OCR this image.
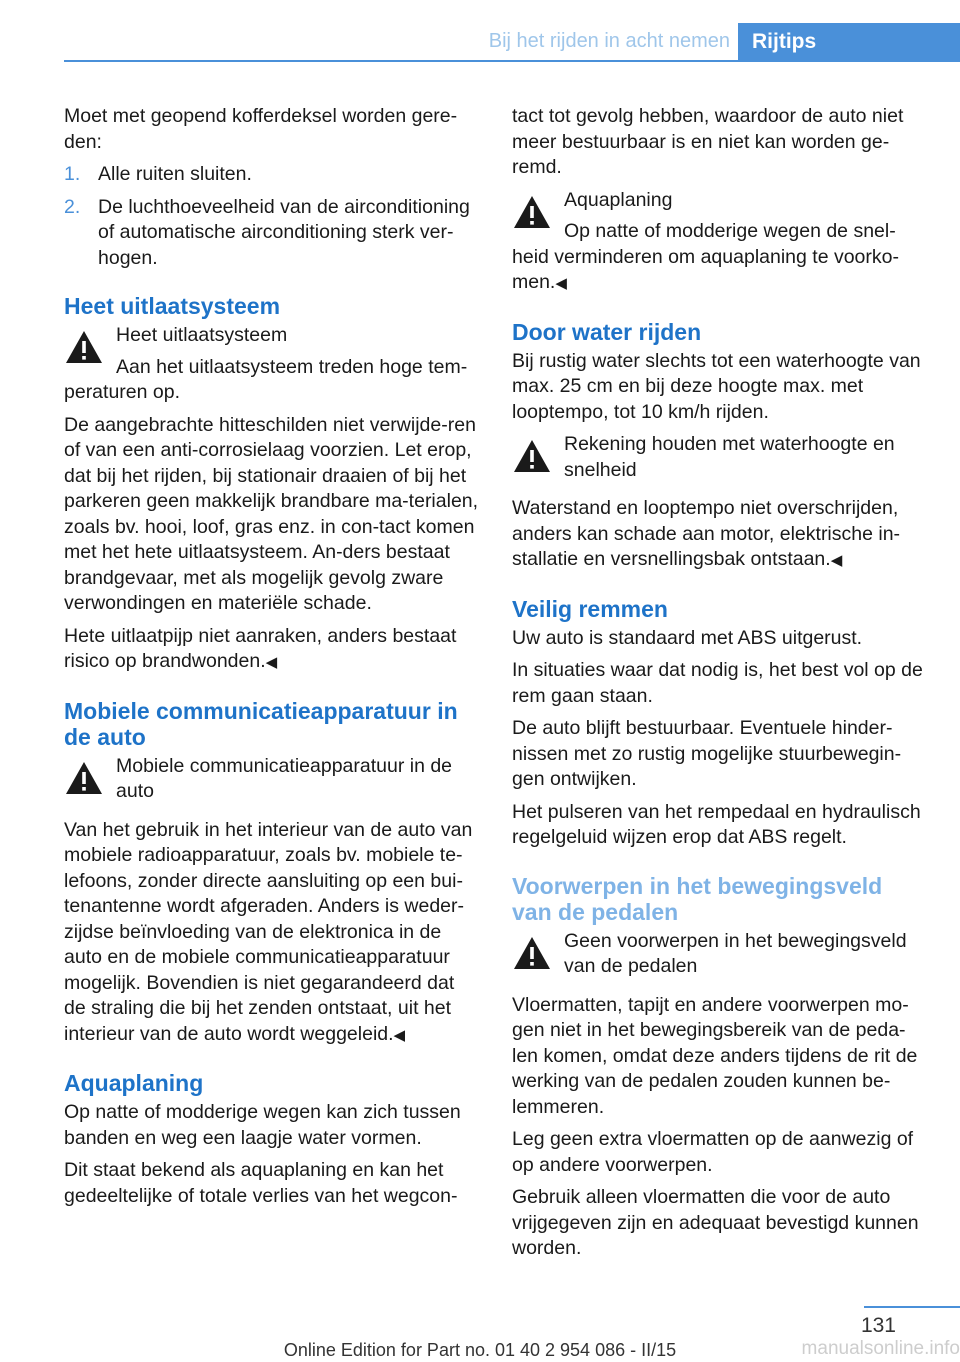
Bij het rijden in acht nemen	Rijtips

Moet met geopend kofferdeksel worden gere‐den:

1. Alle ruiten sluiten.
2. De luchthoeveelheid van de airconditioning of automatische airconditioning sterk ver‐hogen.
Heet uitlaatsysteem

Heet uitlaatsysteem

Aan het uitlaatsysteem treden hoge tem‐peraturen op.

De aangebrachte hitteschilden niet verwijde‐ren of van een anti-corrosielaag voorzien. Let erop, dat bij het rijden, bij stationair draaien of bij het parkeren geen makkelijk brandbare ma‐terialen, zoals bv. hooi, loof, gras enz. in con‐tact komen met het hete uitlaatsysteem. An‐ders bestaat brandgevaar, met als mogelijk gevolg zware verwondingen en materiële schade.

Hete uitlaatpijp niet aanraken, anders bestaat risico op brandwonden.◀

Mobiele communicatieapparatuur in de auto

Mobiele communicatieapparatuur in de auto

Van het gebruik in het interieur van de auto van mobiele radioapparatuur, zoals bv. mobiele te‐lefoons, zonder directe aansluiting op een bui‐tenantenne wordt afgeraden. Anders is weder‐zijdse beïnvloeding van de elektronica in de auto en de mobiele communicatieapparatuur mogelijk. Bovendien is niet gegarandeerd dat de straling die bij het zenden ontstaat, uit het interieur van de auto wordt weggeleid.◀

Aquaplaning

Op natte of modderige wegen kan zich tussen banden en weg een laagje water vormen.

Dit staat bekend als aquaplaning en kan het gedeeltelijke of totale verlies van het wegcon‐

tact tot gevolg hebben, waardoor de auto niet meer bestuurbaar is en niet kan worden ge‐remd.

Aquaplaning

Op natte of modderige wegen de snel‐heid verminderen om aquaplaning te voorko‐men.◀

Door water rijden

Bij rustig water slechts tot een waterhoogte van max. 25 cm en bij deze hoogte max. met looptempo, tot 10 km/h rijden.

Rekening houden met waterhoogte en snelheid

Waterstand en looptempo niet overschrijden, anders kan schade aan motor, elektrische in‐stallatie en versnellingsbak ontstaan.◀

Veilig remmen

Uw auto is standaard met ABS uitgerust.

In situaties waar dat nodig is, het best vol op de rem gaan staan.

De auto blijft bestuurbaar. Eventuele hinder‐nissen met zo rustig mogelijke stuurbewegin‐gen ontwijken.

Het pulseren van het rempedaal en hydraulisch regelgeluid wijzen erop dat ABS regelt.

Voorwerpen in het bewegingsveld van de pedalen

Geen voorwerpen in het bewegingsveld van de pedalen

Vloermatten, tapijt en andere voorwerpen mo‐gen niet in het bewegingsbereik van de peda‐len komen, omdat deze anders tijdens de rit de werking van de pedalen zouden kunnen be‐lemmeren.

Leg geen extra vloermatten op de aanwezig of op andere voorwerpen.

Gebruik alleen vloermatten die voor de auto vrijgegeven zijn en adequaat bevestigd kunnen worden.

131
Online Edition for Part no. 01 40 2 954 086 - II/15	manualsonline.info
